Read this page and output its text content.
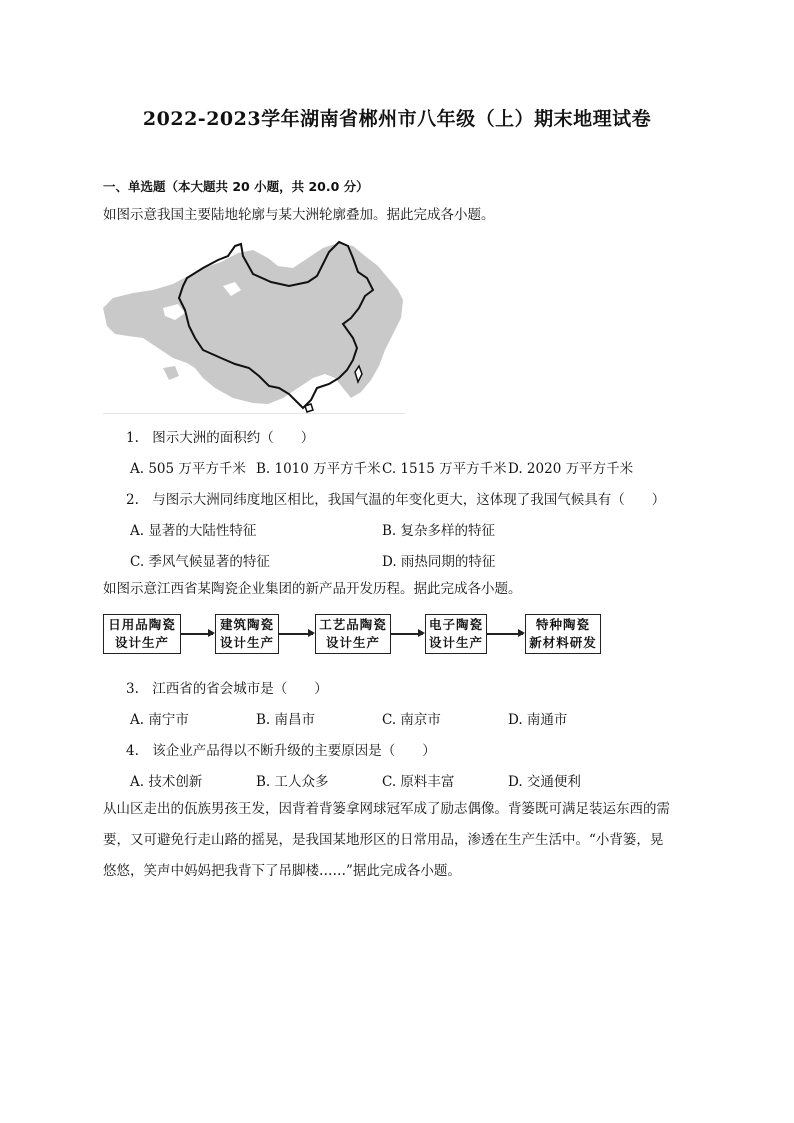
2022-2023学年湖南省郴州市八年级（上）期末地理试卷
一、单选题（本大题共 20 小题，共 20.0 分）
如图示意我国主要陆地轮廓与某大洲轮廓叠加。据此完成各小题。
1. 图示大洲的面积约（　　）
A. 505 万平方千米 B. 1010 万平方千米 C. 1515 万平方千米 D. 2020 万平方千米
2. 与图示大洲同纬度地区相比，我国气温的年变化更大，这体现了我国气候具有（　　）
A. 显著的大陆性特征	B. 复杂多样的特征
C. 季风气候显著的特征	D. 雨热同期的特征
如图示意江西省某陶瓷企业集团的新产品开发历程。据此完成各小题。
日用品陶瓷
设计生产
建筑陶瓷
设计生产
工艺品陶瓷
设计生产
电子陶瓷
设计生产
特种陶瓷
新材料研发
3. 江西省的省会城市是（　　）
A. 南宁市	B. 南昌市	C. 南京市	D. 南通市
4. 该企业产品得以不断升级的主要原因是（　　）
A. 技术创新	B. 工人众多	C. 原料丰富	D. 交通便利
从山区走出的佤族男孩王发，因背着背篓拿网球冠军成了励志偶像。背篓既可满足装运东西的需
要，又可避免行走山路的摇晃，是我国某地形区的日常用品，渗透在生产生活中。“小背篓，晃
悠悠，笑声中妈妈把我背下了吊脚楼……”据此完成各小题。
